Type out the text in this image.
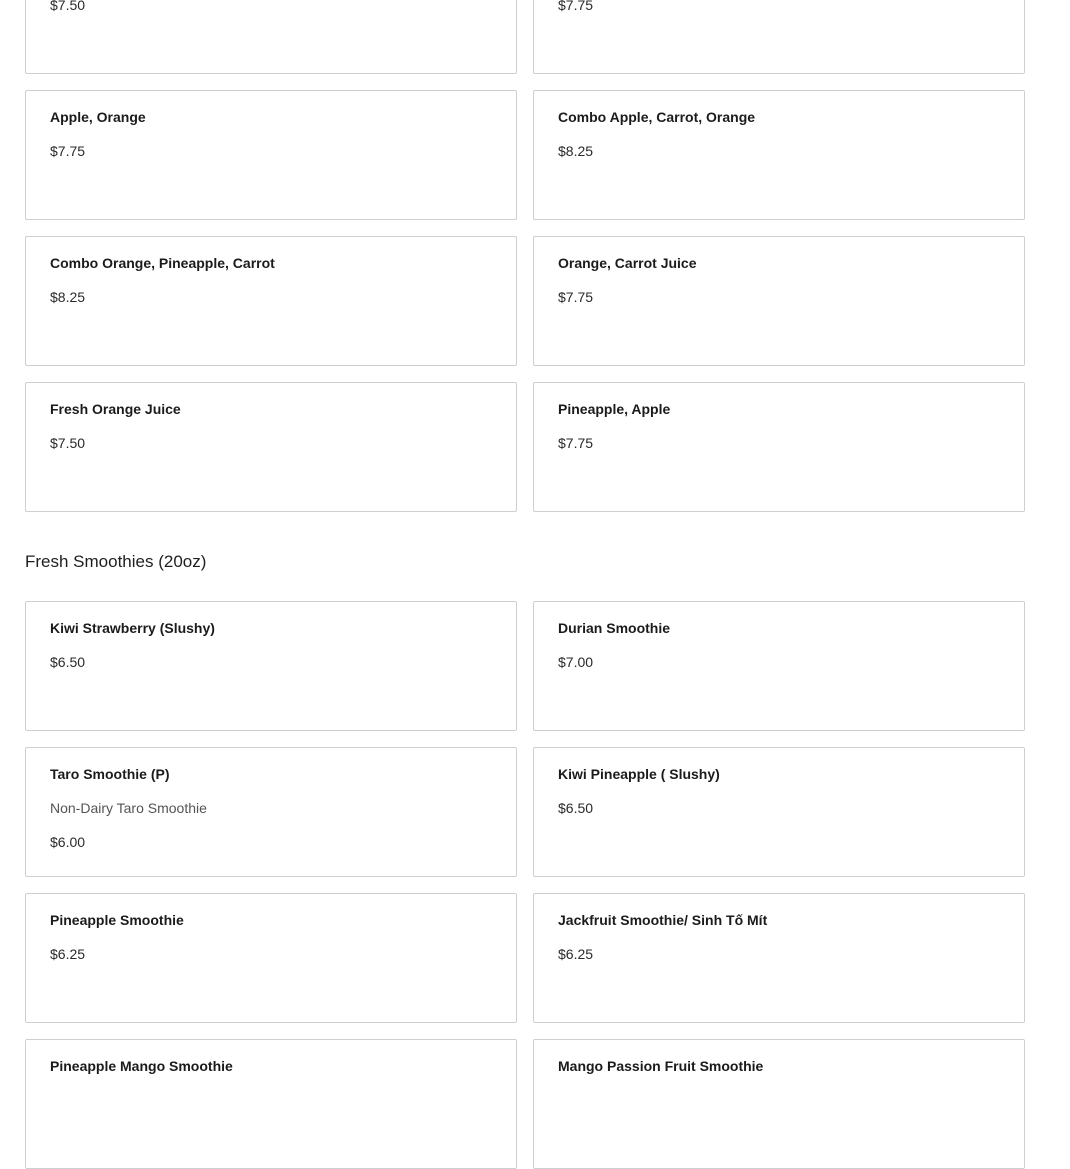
$7.50	$7.75
Apple, Orange
$7.75
Combo Apple, Carrot, Orange
$8.25
Combo Orange, Pineapple, Carrot
$8.25
Orange, Carrot Juice
$7.75
Fresh Orange Juice
$7.50
Pineapple, Apple
$7.75
Fresh Smoothies (20oz)
Kiwi Strawberry (Slushy)
$6.50
Durian Smoothie
$7.00
Taro Smoothie (P)
Non-Dairy Taro Smoothie
$6.00
Kiwi Pineapple ( Slushy)
$6.50
Pineapple Smoothie
$6.25
Jackfruit Smoothie/ Sinh Tố Mít
$6.25
Pineapple Mango Smoothie	Mango Passion Fruit Smoothie
